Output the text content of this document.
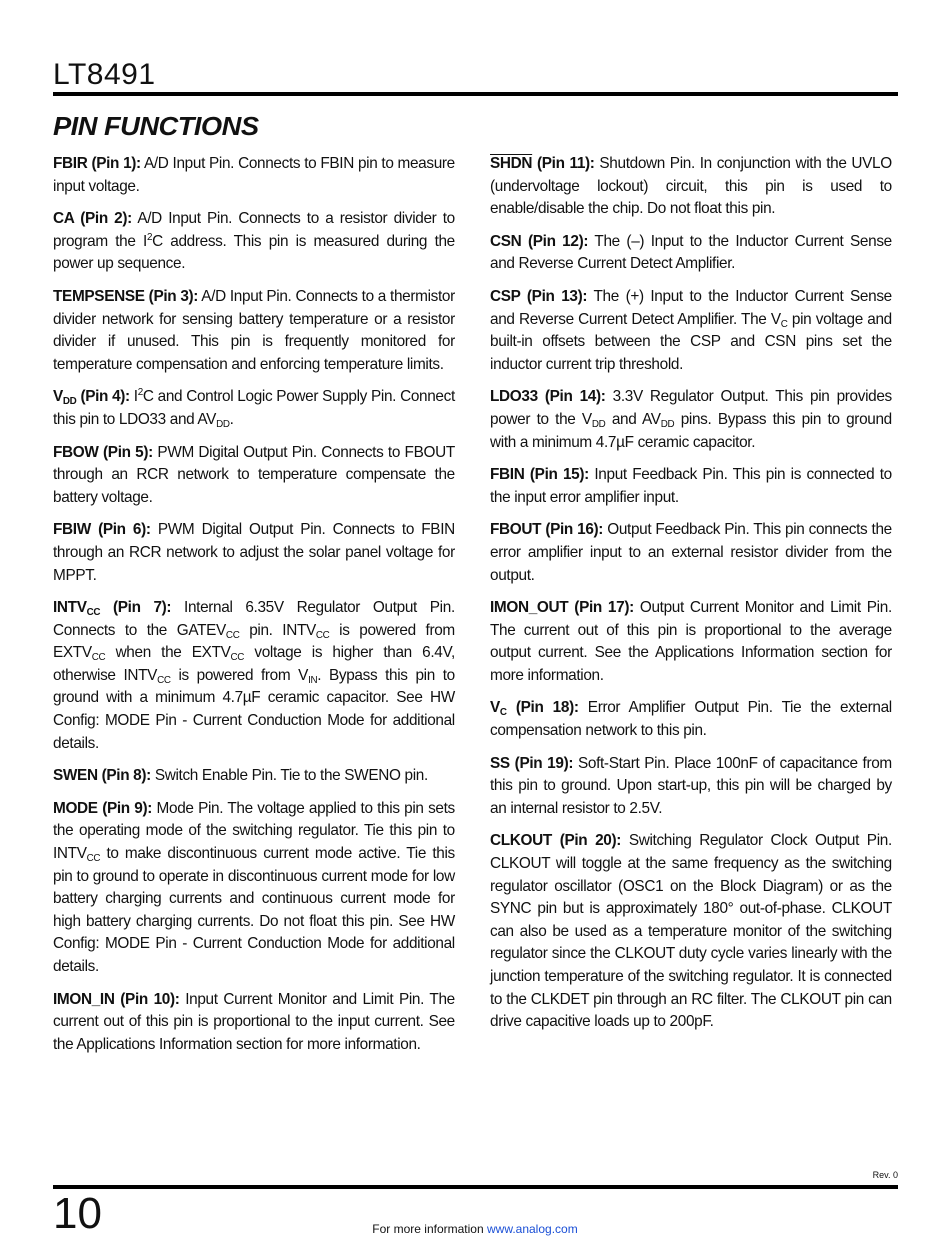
LT8491
PIN FUNCTIONS

FBIR (Pin 1): A/D Input Pin. Connects to FBIN pin to measure input voltage.

CA (Pin 2): A/D Input Pin. Connects to a resistor divider to program the $I^2C$ address. This pin is measured during the power up sequence.

TEMPSENSE (Pin 3): A/D Input Pin. Connects to a thermistor divider network for sensing battery temperature or a resistor divider if unused. This pin is frequently monitored for temperature compensation and enforcing temperature limits.

$V_{DD}$ (Pin 4): $I^2C$ and Control Logic Power Supply Pin. Connect this pin to LDO33 and $AV_{DD}$.

FBOW (Pin 5): PWM Digital Output Pin. Connects to FBOUT through an RCR network to temperature compensate the battery voltage.

FBIW (Pin 6): PWM Digital Output Pin. Connects to FBIN through an RCR network to adjust the solar panel voltage for MPPT.

$INTV_{CC}$ (Pin 7): Internal 6.35V Regulator Output Pin. Connects to the $GATEV_{CC}$ pin. $INTV_{CC}$ is powered from $EXTV_{CC}$ when the $EXTV_{CC}$ voltage is higher than 6.4V, otherwise $INTV_{CC}$ is powered from $V_{IN}$. Bypass this pin to ground with a minimum 4.7µF ceramic capacitor. See HW Config: MODE Pin - Current Conduction Mode for additional details.

SWEN (Pin 8): Switch Enable Pin. Tie to the SWENO pin.

MODE (Pin 9): Mode Pin. The voltage applied to this pin sets the operating mode of the switching regulator. Tie this pin to $INTV_{CC}$ to make discontinuous current mode active. Tie this pin to ground to operate in discontinuous current mode for low battery charging currents and continuous current mode for high battery charging currents. Do not float this pin. See HW Config: MODE Pin - Current Conduction Mode for additional details.

IMON_IN (Pin 10): Input Current Monitor and Limit Pin. The current out of this pin is proportional to the input current. See the Applications Information section for more information.

SHDN (Pin 11): Shutdown Pin. In conjunction with the UVLO (undervoltage lockout) circuit, this pin is used to enable/disable the chip. Do not float this pin.

CSN (Pin 12): The (–) Input to the Inductor Current Sense and Reverse Current Detect Amplifier.

CSP (Pin 13): The (+) Input to the Inductor Current Sense and Reverse Current Detect Amplifier. The $V_C$ pin voltage and built-in offsets between the CSP and CSN pins set the inductor current trip threshold.

LDO33 (Pin 14): 3.3V Regulator Output. This pin provides power to the $V_{DD}$ and $AV_{DD}$ pins. Bypass this pin to ground with a minimum 4.7µF ceramic capacitor.

FBIN (Pin 15): Input Feedback Pin. This pin is connected to the input error amplifier input.

FBOUT (Pin 16): Output Feedback Pin. This pin connects the error amplifier input to an external resistor divider from the output.

IMON_OUT (Pin 17): Output Current Monitor and Limit Pin. The current out of this pin is proportional to the average output current. See the Applications Information section for more information.

$V_C$ (Pin 18): Error Amplifier Output Pin. Tie the external compensation network to this pin.

SS (Pin 19): Soft-Start Pin. Place 100nF of capacitance from this pin to ground. Upon start-up, this pin will be charged by an internal resistor to 2.5V.

CLKOUT (Pin 20): Switching Regulator Clock Output Pin. CLKOUT will toggle at the same frequency as the switching regulator oscillator (OSC1 on the Block Diagram) or as the SYNC pin but is approximately 180° out-of-phase. CLKOUT can also be used as a temperature monitor of the switching regulator since the CLKOUT duty cycle varies linearly with the junction temperature of the switching regulator. It is connected to the CLKDET pin through an RC filter. The CLKOUT pin can drive capacitive loads up to 200pF.

Rev. 0
10	For more information www.analog.com
